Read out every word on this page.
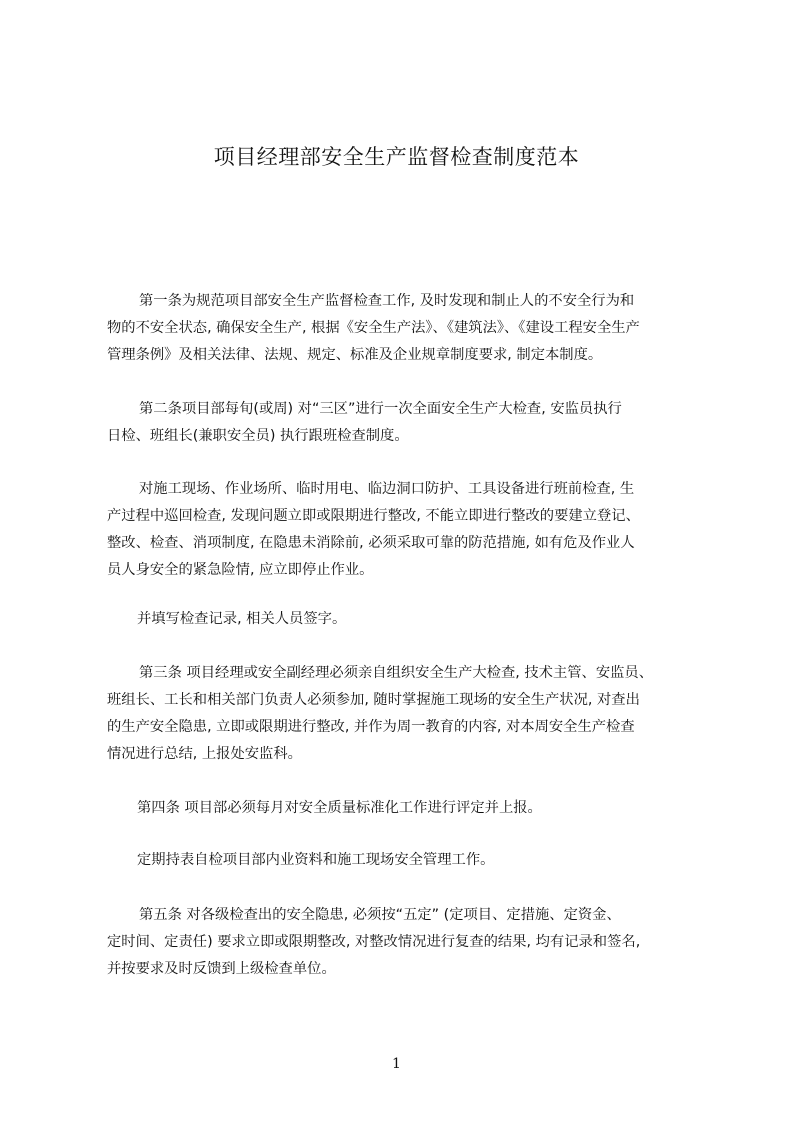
项目经理部安全生产监督检查制度范本
第一条为规范项目部安全生产监督检查工作, 及时发现和制止人的不安全行为和
物的不安全状态, 确保安全生产, 根据《安全生产法》、《建筑法》、《建设工程安全生产
管理条例》及相关法律、法规、规定、标准及企业规章制度要求, 制定本制度。
第二条项目部每旬(或周) 对“三区”进行一次全面安全生产大检查, 安监员执行
日检、班组长(兼职安全员) 执行跟班检查制度。
对施工现场、作业场所、临时用电、临边洞口防护、工具设备进行班前检查, 生
产过程中巡回检查, 发现问题立即或限期进行整改, 不能立即进行整改的要建立登记、
整改、检查、消项制度, 在隐患未消除前, 必须采取可靠的防范措施, 如有危及作业人
员人身安全的紧急险情, 应立即停止作业。
并填写检查记录, 相关人员签字。
第三条 项目经理或安全副经理必须亲自组织安全生产大检查, 技术主管、安监员、
班组长、工长和相关部门负责人必须参加, 随时掌握施工现场的安全生产状况, 对查出
的生产安全隐患, 立即或限期进行整改, 并作为周一教育的内容, 对本周安全生产检查
情况进行总结, 上报处安监科。
第四条 项目部必须每月对安全质量标准化工作进行评定并上报。
定期持表自检项目部内业资料和施工现场安全管理工作。
第五条 对各级检查出的安全隐患, 必须按“五定” (定项目、定措施、定资金、
定时间、定责任) 要求立即或限期整改, 对整改情况进行复查的结果, 均有记录和签名,
并按要求及时反馈到上级检查单位。
1
